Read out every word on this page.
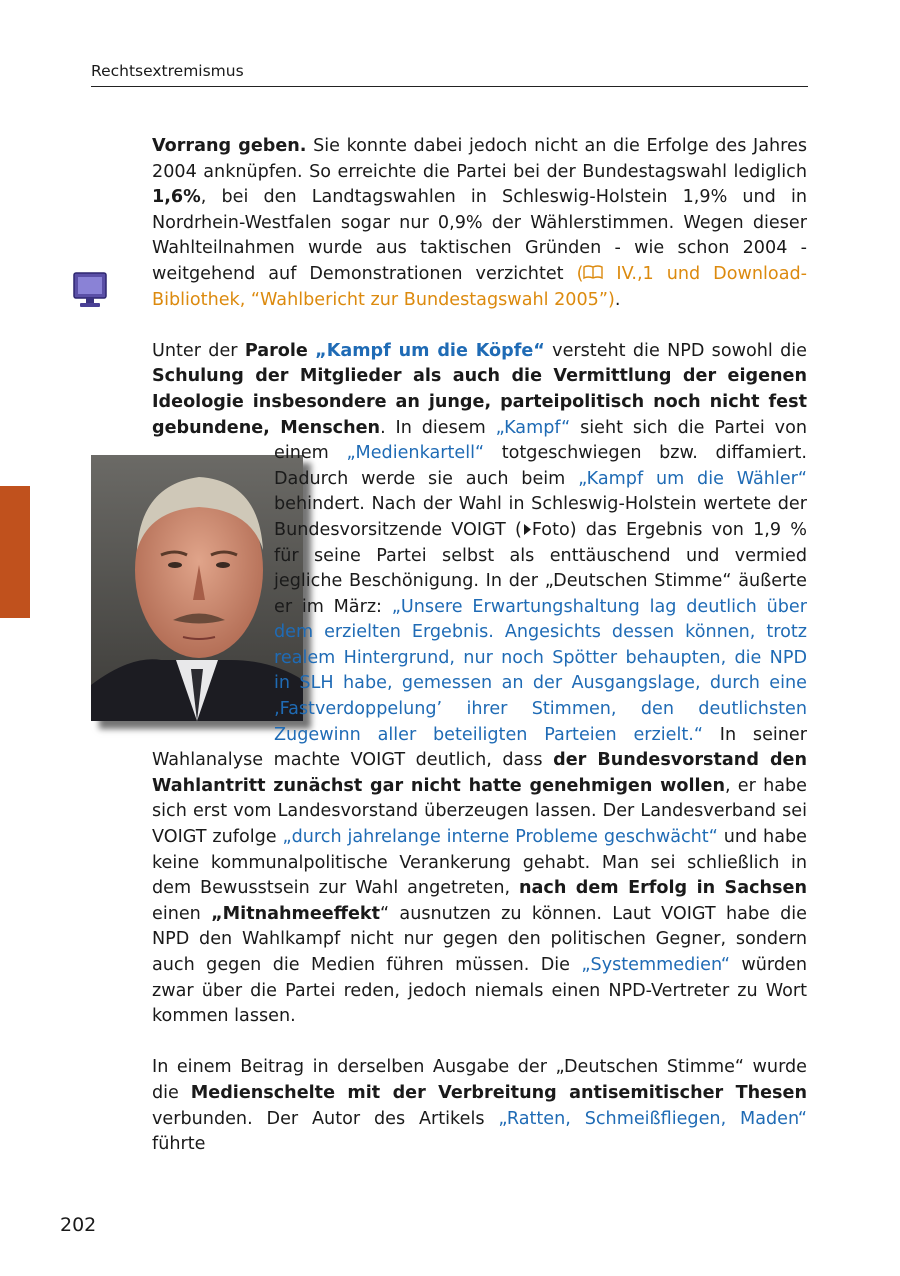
Rechtsextremismus

Vorrang geben. Sie konnte dabei jedoch nicht an die Erfolge des Jahres 2004 anknüpfen. So erreichte die Partei bei der Bundestagswahl lediglich 1,6%, bei den Landtagswahlen in Schleswig-Holstein 1,9% und in Nordrhein-Westfalen sogar nur 0,9% der Wählerstimmen. Wegen dieser Wahlteilnahmen wurde aus taktischen Gründen - wie schon 2004 - weitgehend auf Demonstrationen verzichtet ( IV.,1 und Download-Bibliothek, “Wahlbericht zur Bundestagswahl 2005”).

Unter der Parole „Kampf um die Köpfe“ versteht die NPD sowohl die Schulung der Mitglieder als auch die Vermittlung der eigenen Ideologie insbesondere an junge, parteipolitisch noch nicht fest gebundene, Menschen. In diesem „Kampf“ sieht sich die Partei von einem
„Medienkartell“ totgeschwiegen bzw. diffamiert. Dadurch werde sie auch beim „Kampf um die Wähler“ behindert. Nach der Wahl in Schleswig-Holstein wertete der Bundesvorsitzende VOIGT ( Foto) das Ergebnis von 1,9 % für seine Partei selbst als enttäuschend und vermied jegliche Beschönigung. In der „Deutschen Stimme“ äußerte er im März: „Unsere Erwartungshaltung lag deutlich über dem erzielten Ergebnis. Angesichts dessen können, trotz realem Hintergrund, nur noch Spötter behaupten, die NPD in SLH habe, gemessen an der Ausgangslage, durch eine ‚Fastverdoppelung’ ihrer Stimmen, den deutlichsten Zugewinn aller beteiligten Parteien erzielt.“ In seiner Wahlanalyse machte VOIGT deutlich, dass der Bundesvorstand den Wahlantritt zunächst gar nicht hatte genehmigen wollen, er habe sich erst vom Landesvorstand überzeugen lassen. Der Landesverband sei VOIGT zufolge „durch jahrelange interne Probleme geschwächt“ und habe keine kommunalpolitische Verankerung gehabt. Man sei schließlich in dem Bewusstsein zur Wahl angetreten, nach dem Erfolg in Sachsen einen „Mitnahmeeffekt“ ausnutzen zu können. Laut VOIGT habe die NPD den Wahlkampf nicht nur gegen den politischen Gegner, sondern auch gegen die Medien führen müssen. Die „Systemmedien“ würden zwar über die Partei reden, jedoch niemals einen NPD-Vertreter zu Wort kommen lassen.

In einem Beitrag in derselben Ausgabe der „Deutschen Stimme“ wurde die Medienschelte mit der Verbreitung antisemitischer Thesen verbunden. Der Autor des Artikels „Ratten, Schmeißfliegen, Maden“ führte

202
